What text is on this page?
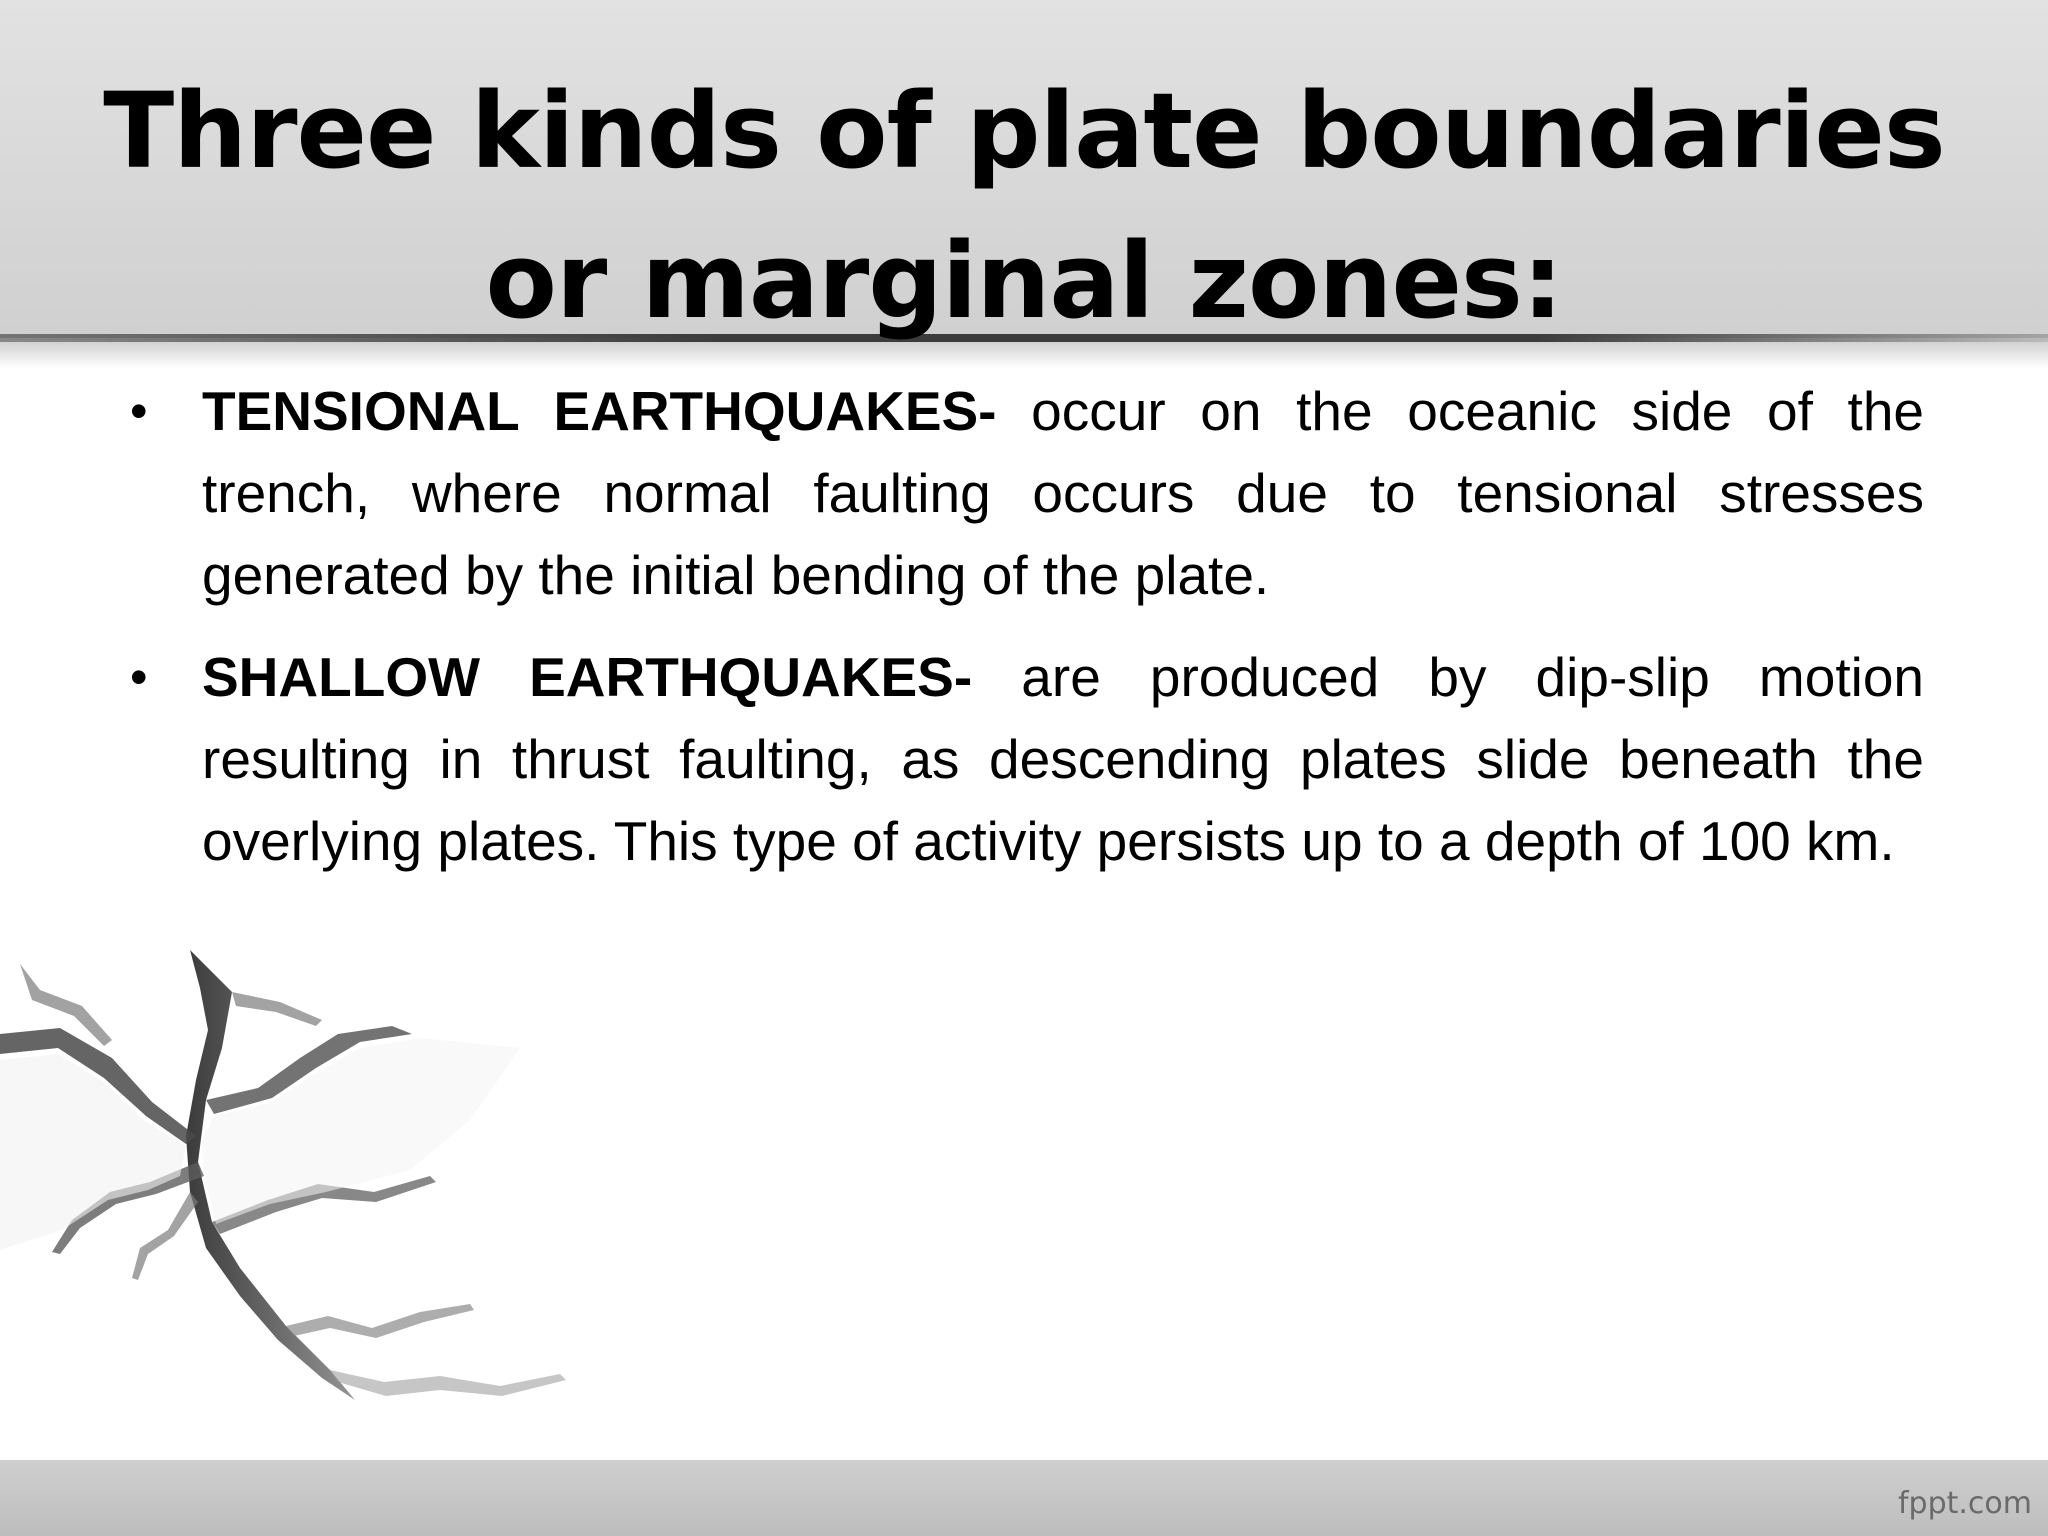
Three kinds of plate boundaries or marginal zones:
• TENSIONAL EARTHQUAKES- occur on the oceanic side of the trench, where normal faulting occurs due to tensional stresses generated by the initial bending of the plate.
• SHALLOW EARTHQUAKES- are produced by dip-slip motion resulting in thrust faulting, as descending plates slide beneath the overlying plates. This type of activity persists up to a depth of 100 km.
fppt.com
